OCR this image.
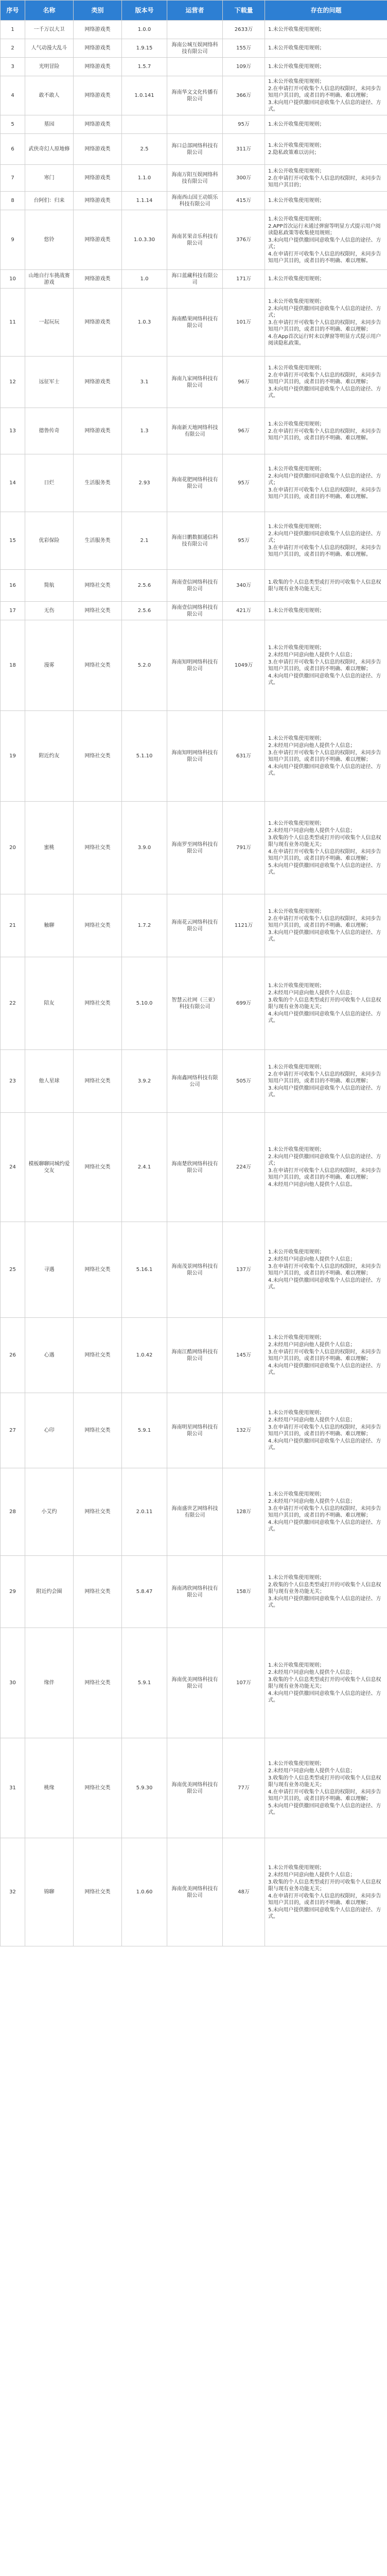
序号	名称	类别	版本号	运营者	下载量	存在的问题
1	一千万以大卫	网络游戏类	1.0.0		2633万	1.未公开收集使用规则；

2	人气动漫大乱斗	网络游戏类	1.9.15	海南公城互娱网络科技有限公司	155万	1.未公开收集使用规则；

3	光明冒险	网络游戏类	1.5.7		109万	1.未公开收集使用规则；

4	敢不敢人	网络游戏类	1.0.141	海南华文文化传播有限公司	366万	1.未公开收集使用规则；
2.在申请打开可收集个人信息的权限时，未同步告知用户其目的，或者目的不明确、难以理解；
3.未向用户提供撤回同意收集个人信息的途径、方式。

5	墓园	网络游戏类			95万	1.未公开收集使用规则；

6	武侠奇幻人原地修	网络游戏类	2.5	海口总部网络科技有限公司	311万	1.未公开收集使用规则；
2.隐私政策难以访问；

7	寒门	网络游戏类	1.1.0	海南万阳互娱网络科技有限公司	300万	1.未公开收集使用规则；
2.在申请打开可收集个人信息的权限时，未同步告知用户其目的；

8	台阿们：归来	网络游戏类	1.1.14	海南西山国王动娱乐科技有限公司	415万	1.未公开收集使用规则；

9	悠铃	网络游戏类	1.0.3.30	海南茗果音乐科技有限公司	376万	1.未公开收集使用规则；
2.APP首次运行未通过弹窗等明显方式提示用户阅读隐私政策等收集使用规则；
3.未向用户提供撤回同意收集个人信息的途径、方式；
4.在申请打开可收集个人信息的权限时，未同步告知用户其目的，或者目的不明确、难以理解。

10	山地自行车挑战赛游戏	网络游戏类	1.0	海口蓝藏科技有限公司	171万	1.未公开收集使用规则；

11	一起玩玩	网络游戏类	1.0.3	海南酷果网络科技有限公司	101万	1.未公开收集使用规则；
2.未向用户提供撤回同意收集个人信息的途径、方式；
3.在申请打开可收集个人信息的权限时，未同步告知用户其目的，或者目的不明确、难以理解；
4.在App首次运行时未以弹窗等明显方式提示用户阅读隐私政策。

12	远征军士	网络游戏类	3.1	海南九家网络科技有限公司	96万	1.未公开收集使用规则；
2.在申请打开可收集个人信息的权限时，未同步告知用户其目的，或者目的不明确、难以理解；
3.未向用户提供撤回同意收集个人信息的途径、方式。

13	德鲁传奇	网络游戏类	1.3	海南新天地网络科技有限公司	96万	1.未公开收集使用规则；
2.在申请打开可收集个人信息的权限时，未同步告知用户其目的，或者目的不明确、难以理解。

14	日烂	生活服务类	2.93	海南花肥网络科技有限公司	95万	1.未公开收集使用规则；
2.未向用户提供撤回同意收集个人信息的途径、方式；
3.在申请打开可收集个人信息的权限时，未同步告知用户其目的，或者目的不明确、难以理解。

15	优彩保险	生活服务类	2.1	海南日鹏数据通信科技有限公司	95万	1.未公开收集使用规则；
2.未向用户提供撤回同意收集个人信息的途径、方式；
3.在申请打开可收集个人信息的权限时，未同步告知用户其目的，或者目的不明确、难以理解。

16	简航	网络社交类	2.5.6	海南壹信网络科技有限公司	340万	1.收集的个人信息类型或打开的可收集个人信息权限与现有业务功能无关；

17	无伤	网络社交类	2.5.6	海南壹信网络科技有限公司	421万	1.未公开收集使用规则；

18	漫雾	网络社交类	5.2.0	海南知明网络科技有限公司	1049万	1.未公开收集使用规则；
2.未经用户同意向他人提供个人信息；
3.在申请打开可收集个人信息的权限时，未同步告知用户其目的，或者目的不明确、难以理解；
4.未向用户提供撤回同意收集个人信息的途径、方式。

19	附近约友	网络社交类	5.1.10	海南知明网络科技有限公司	631万	1.未公开收集使用规则；
2.未经用户同意向他人提供个人信息；
3.在申请打开可收集个人信息的权限时，未同步告知用户其目的，或者目的不明确、难以理解；
4.未向用户提供撤回同意收集个人信息的途径、方式。

20	蜜桃	网络社交类	3.9.0	海南罗至网络科技有限公司	791万	1.未公开收集使用规则；
2.未经用户同意向他人提供个人信息；
3.收集的个人信息类型或打开的可收集个人信息权限与现有业务功能无关；
4.在申请打开可收集个人信息的权限时，未同步告知用户其目的，或者目的不明确、难以理解；
5.未向用户提供撤回同意收集个人信息的途径、方式。

21	触聊	网络社交类	1.7.2	海南花云网络科技有限公司	1121万	1.未公开收集使用规则；
2.在申请打开可收集个人信息的权限时，未同步告知用户其目的，或者目的不明确、难以理解；
3.未向用户提供撤回同意收集个人信息的途径、方式。

22	陪友	网络社交类	5.10.0	智慧云社网（三亚）科技有限公司	699万	1.未公开收集使用规则；
2.未经用户同意向他人提供个人信息；
3.收集的个人信息类型或打开的可收集个人信息权限与现有业务功能无关；
4.未向用户提供撤回同意收集个人信息的途径、方式。

23	他人星球	网络社交类	3.9.2	海南鑫网络科技有限公司	505万	1.未公开收集使用规则；
2.在申请打开可收集个人信息的权限时，未同步告知用户其目的，或者目的不明确、难以理解；
3.未向用户提供撤回同意收集个人信息的途径、方式。

24	模板聊聊同城约爱交友	网络社交类	2.4.1	海南楚欣网络科技有限公司	224万	1.未公开收集使用规则；
2.未向用户提供撤回同意收集个人信息的途径、方式；
3.在申请打开可收集个人信息的权限时，未同步告知用户其目的，或者目的不明确、难以理解；
4.未经用户同意向他人提供个人信息。

25	寻遇	网络社交类	5.16.1	海南茂景网络科技有限公司	137万	1.未公开收集使用规则；
2.未经用户同意向他人提供个人信息；
3.在申请打开可收集个人信息的权限时，未同步告知用户其目的，或者目的不明确、难以理解；
4.未向用户提供撤回同意收集个人信息的途径、方式。

26	心遇	网络社交类	1.0.42	海南江酷网络科技有限公司	145万	1.未公开收集使用规则；
2.未经用户同意向他人提供个人信息；
3.在申请打开可收集个人信息的权限时，未同步告知用户其目的，或者目的不明确、难以理解；
4.未向用户提供撤回同意收集个人信息的途径、方式。

27	心印	网络社交类	5.9.1	海南明星网络科技有限公司	132万	1.未公开收集使用规则；
2.未经用户同意向他人提供个人信息；
3.在申请打开可收集个人信息的权限时，未同步告知用户其目的，或者目的不明确、难以理解；
4.未向用户提供撤回同意收集个人信息的途径、方式。

28	小艾约	网络社交类	2.0.11	海南盛世艺网络科技有限公司	128万	1.未公开收集使用规则；
2.未经用户同意向他人提供个人信息；
3.在申请打开可收集个人信息的权限时，未同步告知用户其目的，或者目的不明确、难以理解；
4.未向用户提供撤回同意收集个人信息的途径、方式。

29	附近约会圈	网络社交类	5.8.47	海南鸿欣网络科技有限公司	158万	1.未公开收集使用规则；
2.收集的个人信息类型或打开的可收集个人信息权限与现有业务功能无关；
3.未向用户提供撤回同意收集个人信息的途径、方式。

30	缘伴	网络社交类	5.9.1	海南优美网络科技有限公司	107万	1.未公开收集使用规则；
2.未经用户同意向他人提供个人信息；
3.收集的个人信息类型或打开的可收集个人信息权限与现有业务功能无关；
4.未向用户提供撤回同意收集个人信息的途径、方式。

31	桃缘	网络社交类	5.9.30	海南优美网络科技有限公司	77万	1.未公开收集使用规则；
2.未经用户同意向他人提供个人信息；
3.收集的个人信息类型或打开的可收集个人信息权限与现有业务功能无关；
4.在申请打开可收集个人信息的权限时，未同步告知用户其目的，或者目的不明确、难以理解；
5.未向用户提供撤回同意收集个人信息的途径、方式。

32	锦聊	网络社交类	1.0.60	海南优美网络科技有限公司	48万	1.未公开收集使用规则；
2.未经用户同意向他人提供个人信息；
3.收集的个人信息类型或打开的可收集个人信息权限与现有业务功能无关；
4.在申请打开可收集个人信息的权限时，未同步告知用户其目的，或者目的不明确、难以理解；
5.未向用户提供撤回同意收集个人信息的途径、方式。
